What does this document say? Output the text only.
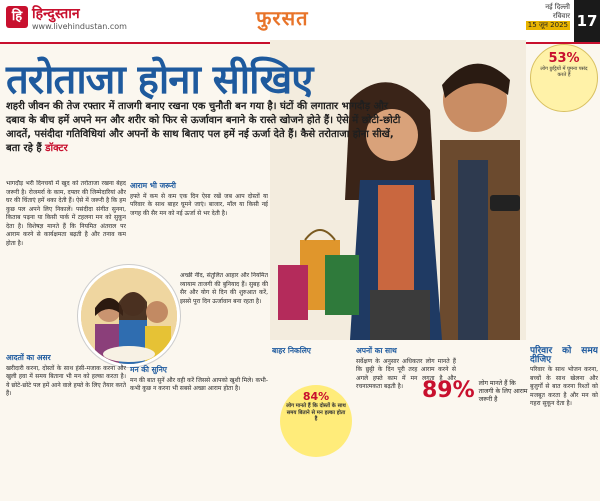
हि हिन्दुस्तान
www.livehindustan.com	फुरसत	नई दिल्ली
रविवार
15 जून 2025 17
53%
लोग छुट्टियों में घूमना पसंद करते हैं
तरोताजा होना सीखिए
शहरी जीवन की तेज रफ्तार में ताजगी बनाए रखना एक चुनौती बन गया है। घंटों की लगातार भागदौड़ और दबाव के बीच हमें अपने मन और शरीर को फिर से ऊर्जावान बनाने के रास्ते खोजने होते हैं। ऐसे में छोटी-छोटी आदतें, पसंदीदा गतिविधियां और अपनों के साथ बिताए पल हमें नई ऊर्जा देते हैं। कैसे तरोताजा होना सीखें, बता रहे हैं डॉक्टर
भागदौड़ भरी दिनचर्या में खुद को तरोताजा रखना बेहद जरूरी है। रोजमर्रा के काम, दफ्तर की जिम्मेदारियां और घर की चिंताएं हमें थका देती हैं। ऐसे में जरूरी है कि हम कुछ पल अपने लिए निकालें। पसंदीदा संगीत सुनना, किताब पढ़ना या किसी पार्क में टहलना मन को सुकून देता है। विशेषज्ञ मानते हैं कि नियमित अंतराल पर आराम करने से कार्यक्षमता बढ़ती है और तनाव कम होता है।
आराम भी जरूरी
हफ्ते में कम से कम एक दिन ऐसा रखें जब आप दोस्तों या परिवार के साथ बाहर घूमने जाएं। बाजार, मॉल या किसी नई जगह की सैर मन को नई ऊर्जा से भर देती है।
अच्छी नींद, संतुलित आहार और नियमित व्यायाम ताजगी की बुनियाद हैं। सुबह की सैर और योग से दिन की शुरुआत करें, इससे पूरा दिन ऊर्जावान बना रहता है।
आदतों का असर
खरीदारी करना, दोस्तों के साथ हंसी-मजाक करना और खुली हवा में समय बिताना भी मन को हल्का करता है। ये छोटे-छोटे पल हमें आने वाले हफ्ते के लिए तैयार करते हैं।
मन की सुनिए
मन की बात सुनें और वही करें जिससे आपको खुशी मिले। कभी-कभी कुछ न करना भी सबसे अच्छा आराम होता है।
बाहर निकलिए
84%
लोग मानते हैं कि दोस्तों के साथ समय बिताने से मन हल्का होता है
अपनों का साथ
सर्वेक्षण के अनुसार अधिकतर लोग मानते हैं कि छुट्टी के दिन पूरी तरह आराम करने से अगले हफ्ते काम में मन लगता है और रचनात्मकता बढ़ती है। 89% लोग मानते हैं कि ताजगी के लिए आराम जरूरी है
परिवार को समय दीजिए
परिवार के साथ भोजन करना, बच्चों के साथ खेलना और बुजुर्गों से बात करना रिश्तों को मजबूत करता है और मन को गहरा सुकून देता है।
